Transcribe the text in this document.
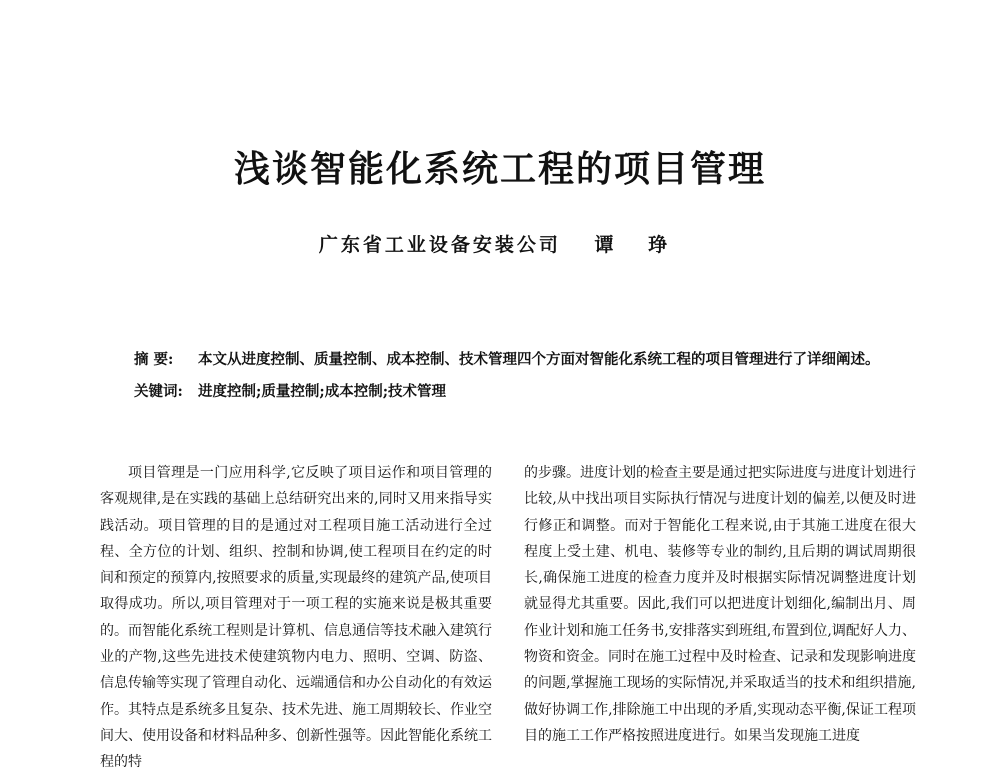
浅谈智能化系统工程的项目管理
广东省工业设备安装公司 谭 琤
摘 要:	本文从进度控制、质量控制、成本控制、技术管理四个方面对智能化系统工程的项目管理进行了详细阐述。
关键词:	进度控制;质量控制;成本控制;技术管理

项目管理是一门应用科学,它反映了项目运作和项目管理的客观规律,是在实践的基础上总结研究出来的,同时又用来指导实践活动。项目管理的目的是通过对工程项目施工活动进行全过程、全方位的计划、组织、控制和协调,使工程项目在约定的时间和预定的预算内,按照要求的质量,实现最终的建筑产品,使项目取得成功。所以,项目管理对于一项工程的实施来说是极其重要的。而智能化系统工程则是计算机、信息通信等技术融入建筑行业的产物,这些先进技术使建筑物内电力、照明、空调、防盗、信息传输等实现了管理自动化、远端通信和办公自动化的有效运作。其特点是系统多且复杂、技术先进、施工周期较长、作业空间大、使用设备和材料品种多、创新性强等。因此智能化系统工程的特

的步骤。进度计划的检查主要是通过把实际进度与进度计划进行比较,从中找出项目实际执行情况与进度计划的偏差,以便及时进行修正和调整。而对于智能化工程来说,由于其施工进度在很大程度上受土建、机电、装修等专业的制约,且后期的调试周期很长,确保施工进度的检查力度并及时根据实际情况调整进度计划就显得尤其重要。因此,我们可以把进度计划细化,编制出月、周作业计划和施工任务书,安排落实到班组,布置到位,调配好人力、物资和资金。同时在施工过程中及时检查、记录和发现影响进度的问题,掌握施工现场的实际情况,并采取适当的技术和组织措施,做好协调工作,排除施工中出现的矛盾,实现动态平衡,保证工程项目的施工工作严格按照进度进行。如果当发现施工进度
